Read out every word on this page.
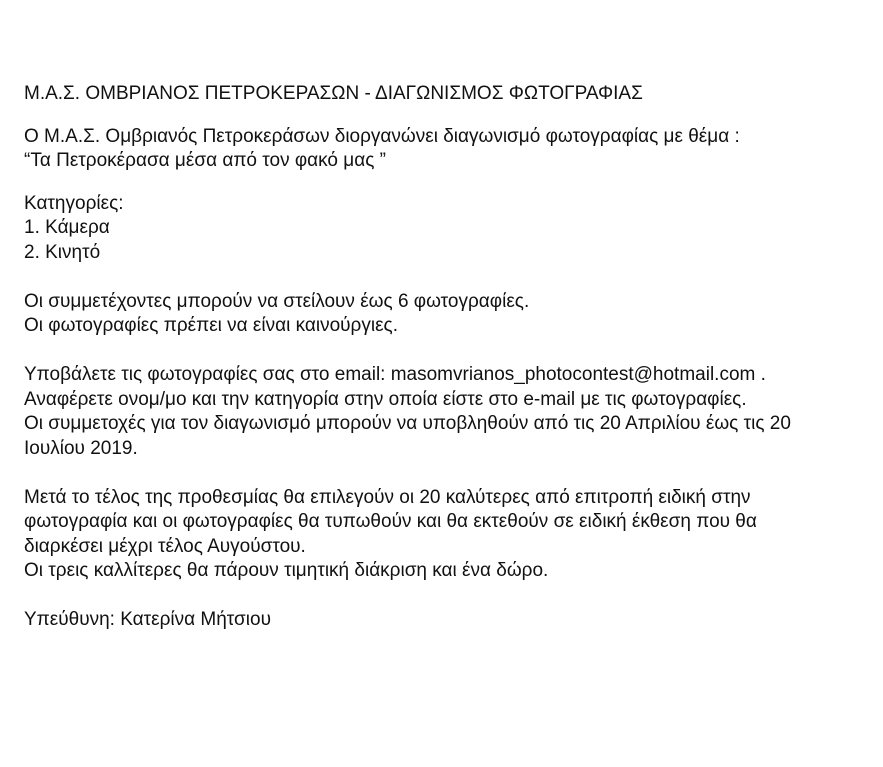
Μ.Α.Σ. ΟΜΒΡΙΑΝΟΣ ΠΕΤΡΟΚΕΡΑΣΩΝ - ΔΙΑΓΩΝΙΣΜΟΣ ΦΩΤΟΓΡΑΦΙΑΣ
Ο Μ.Α.Σ. Ομβριανός Πετροκεράσων διοργανώνει διαγωνισμό φωτογραφίας με θέμα :
“Τα Πετροκέρασα μέσα από τον φακό μας ”
Κατηγορίες:
1. Κάμερα
2. Κινητό
Οι συμμετέχοντες μπορούν να στείλουν έως 6 φωτογραφίες.
Οι φωτογραφίες πρέπει να είναι καινούργιες.
Υποβάλετε τις φωτογραφίες σας στο email: masomvrianos_photocontest@hotmail.com .
Αναφέρετε ονομ/μο και την κατηγορία στην οποία είστε στο e-mail με τις φωτογραφίες.
Οι συμμετοχές για τον διαγωνισμό μπορούν να υποβληθούν από τις 20 Απριλίου έως τις 20
Ιουλίου 2019.
Μετά το τέλος της προθεσμίας θα επιλεγούν οι 20 καλύτερες από επιτροπή ειδική στην
φωτογραφία και οι φωτογραφίες θα τυπωθούν και θα εκτεθούν σε ειδική έκθεση που θα
διαρκέσει μέχρι τέλος Αυγούστου.
Οι τρεις καλλίτερες θα πάρουν τιμητική διάκριση και ένα δώρο.
Υπεύθυνη: Κατερίνα Μήτσιου
